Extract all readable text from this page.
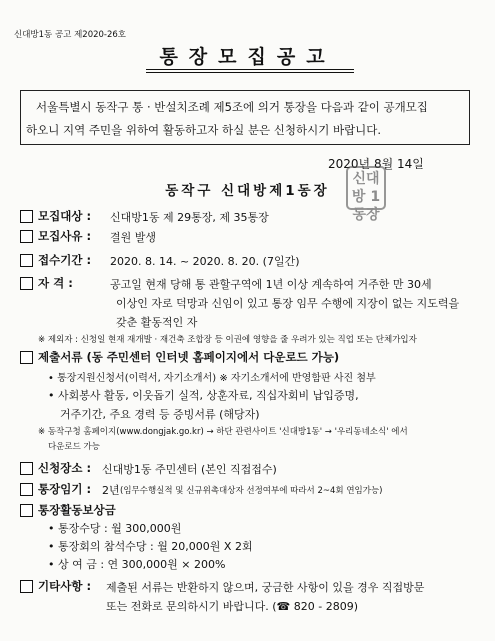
신대방1동 공고 제2020-26호
통장모집공고
서울특별시 동작구 통 · 반설치조례 제5조에 의거 통장을 다음과 같이 공개모집
하오니 지역 주민을 위하여 활동하고자 하실 분은 신청하시기 바랍니다.
2020년 8월 14일
동작구 신대방제1동장
신대방 1동장
모집대상 : 신대방1동 제 29통장, 제 35통장
모집사유 : 결원 발생
접수기간 : 2020. 8. 14. ~ 2020. 8. 20. (7일간)
자 격 :	공고일 현재 당해 통 관할구역에 1년 이상 계속하여 거주한 만 30세
이상인 자로 덕망과 신임이 있고 통장 임무 수행에 지장이 없는 지도력을
갖춘 활동적인 자
※ 제외자 : 신청일 현재 재개발 · 재건축 조합장 등 이권에 영향을 줄 우려가 있는 직업 또는 단체가입자
제출서류 (동 주민센터 인터넷 홈페이지에서 다운로드 가능)
• 통장지원신청서(이력서, 자기소개서) ※ 자기소개서에 반영함판 사진 첨부
• 사회봉사 활동, 이웃돕기 실적, 상훈자료, 직십자회비 납입증명,
거주기간, 주요 경력 등 증빙서류 (해당자)
※ 동작구청 홈페이지(www.dongjak.go.kr) → 하단 관련사이트 '신대방1동' → '우리동네소식' 에서
다운로드 가능
신청장소 : 신대방1동 주민센터 (본인 직접접수)
통장임기 : 2년 (임무수행실적 및 신규위촉대상자 선정여부에 따라서 2~4회 연임가능)
통장활동보상금
• 통장수당 : 월 300,000원
• 통장회의 참석수당 : 월 20,000원 X 2회
• 상 여 금 : 연 300,000원 × 200%
기타사항 : 제출된 서류는 반환하지 않으며, 궁금한 사항이 있을 경우 직접방문
또는 전화로 문의하시기 바랍니다. (☎ 820 - 2809)
